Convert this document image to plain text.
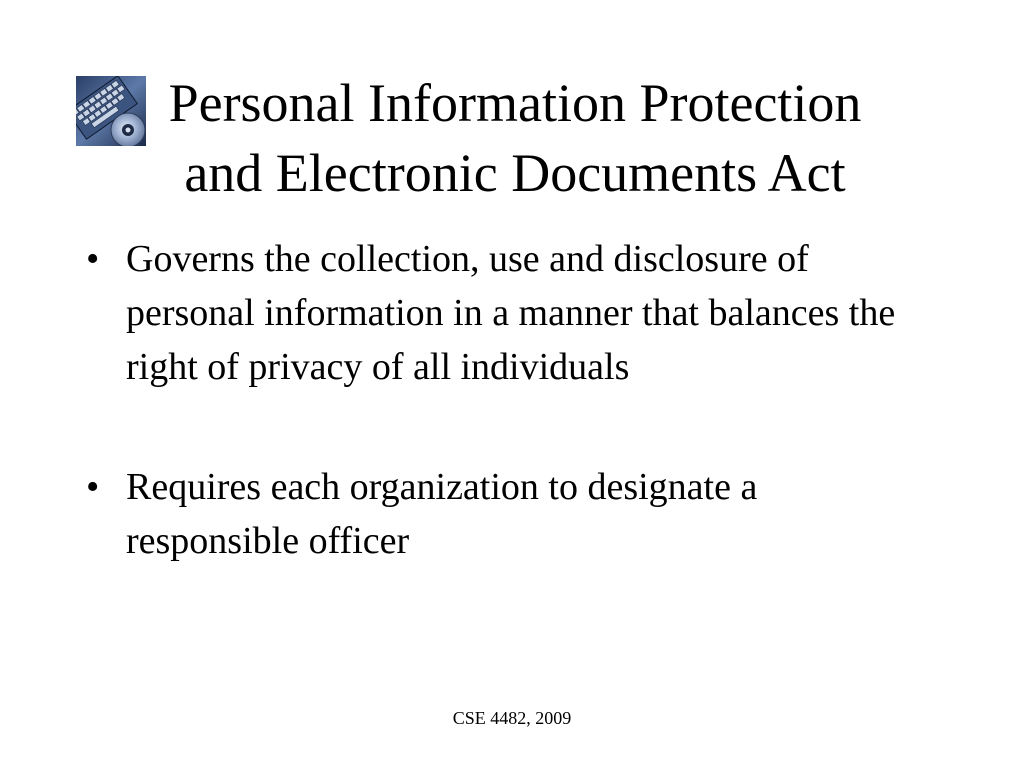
Personal Information Protection
and Electronic Documents Act
• Governs the collection, use and disclosure of personal information in a manner that balances the right of privacy of all individuals
• Requires each organization to designate a responsible officer
CSE 4482, 2009
